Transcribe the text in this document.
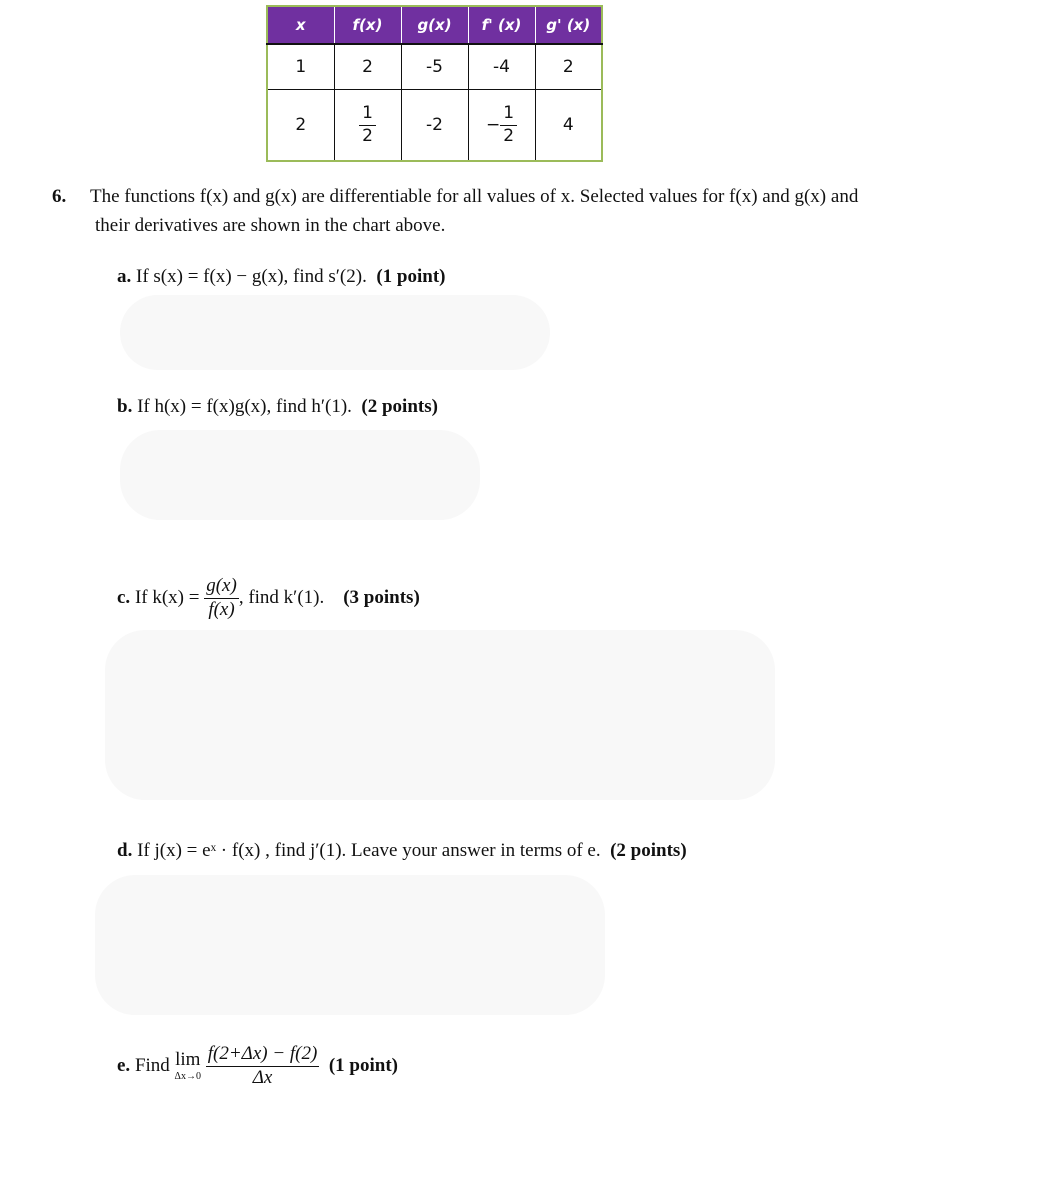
x	f(x)	g(x)	f' (x)	g' (x)
1	2	-5	-4	2
2	$\frac{1}{2}$	-2	− $\frac{1}{2}$	4
6. The functions f(x) and g(x) are differentiable for all values of x. Selected values for f(x) and g(x) and
their derivatives are shown in the chart above.
a. If s(x) = f(x) − g(x), find s′(2). (1 point)
b. If h(x) = f(x)g(x), find h′(1). (2 points)
c. If $k(x) = \frac{g(x)}{f(x)}$ , find k′(1). (3 points)
d. If j(x) = eˣ · f(x) , find j′(1). Leave your answer in terms of e. (2 points)
e. Find lim
Δx→0
$\frac{f(2+\Delta x) - f(2)}{\Delta x} (1$ point)
